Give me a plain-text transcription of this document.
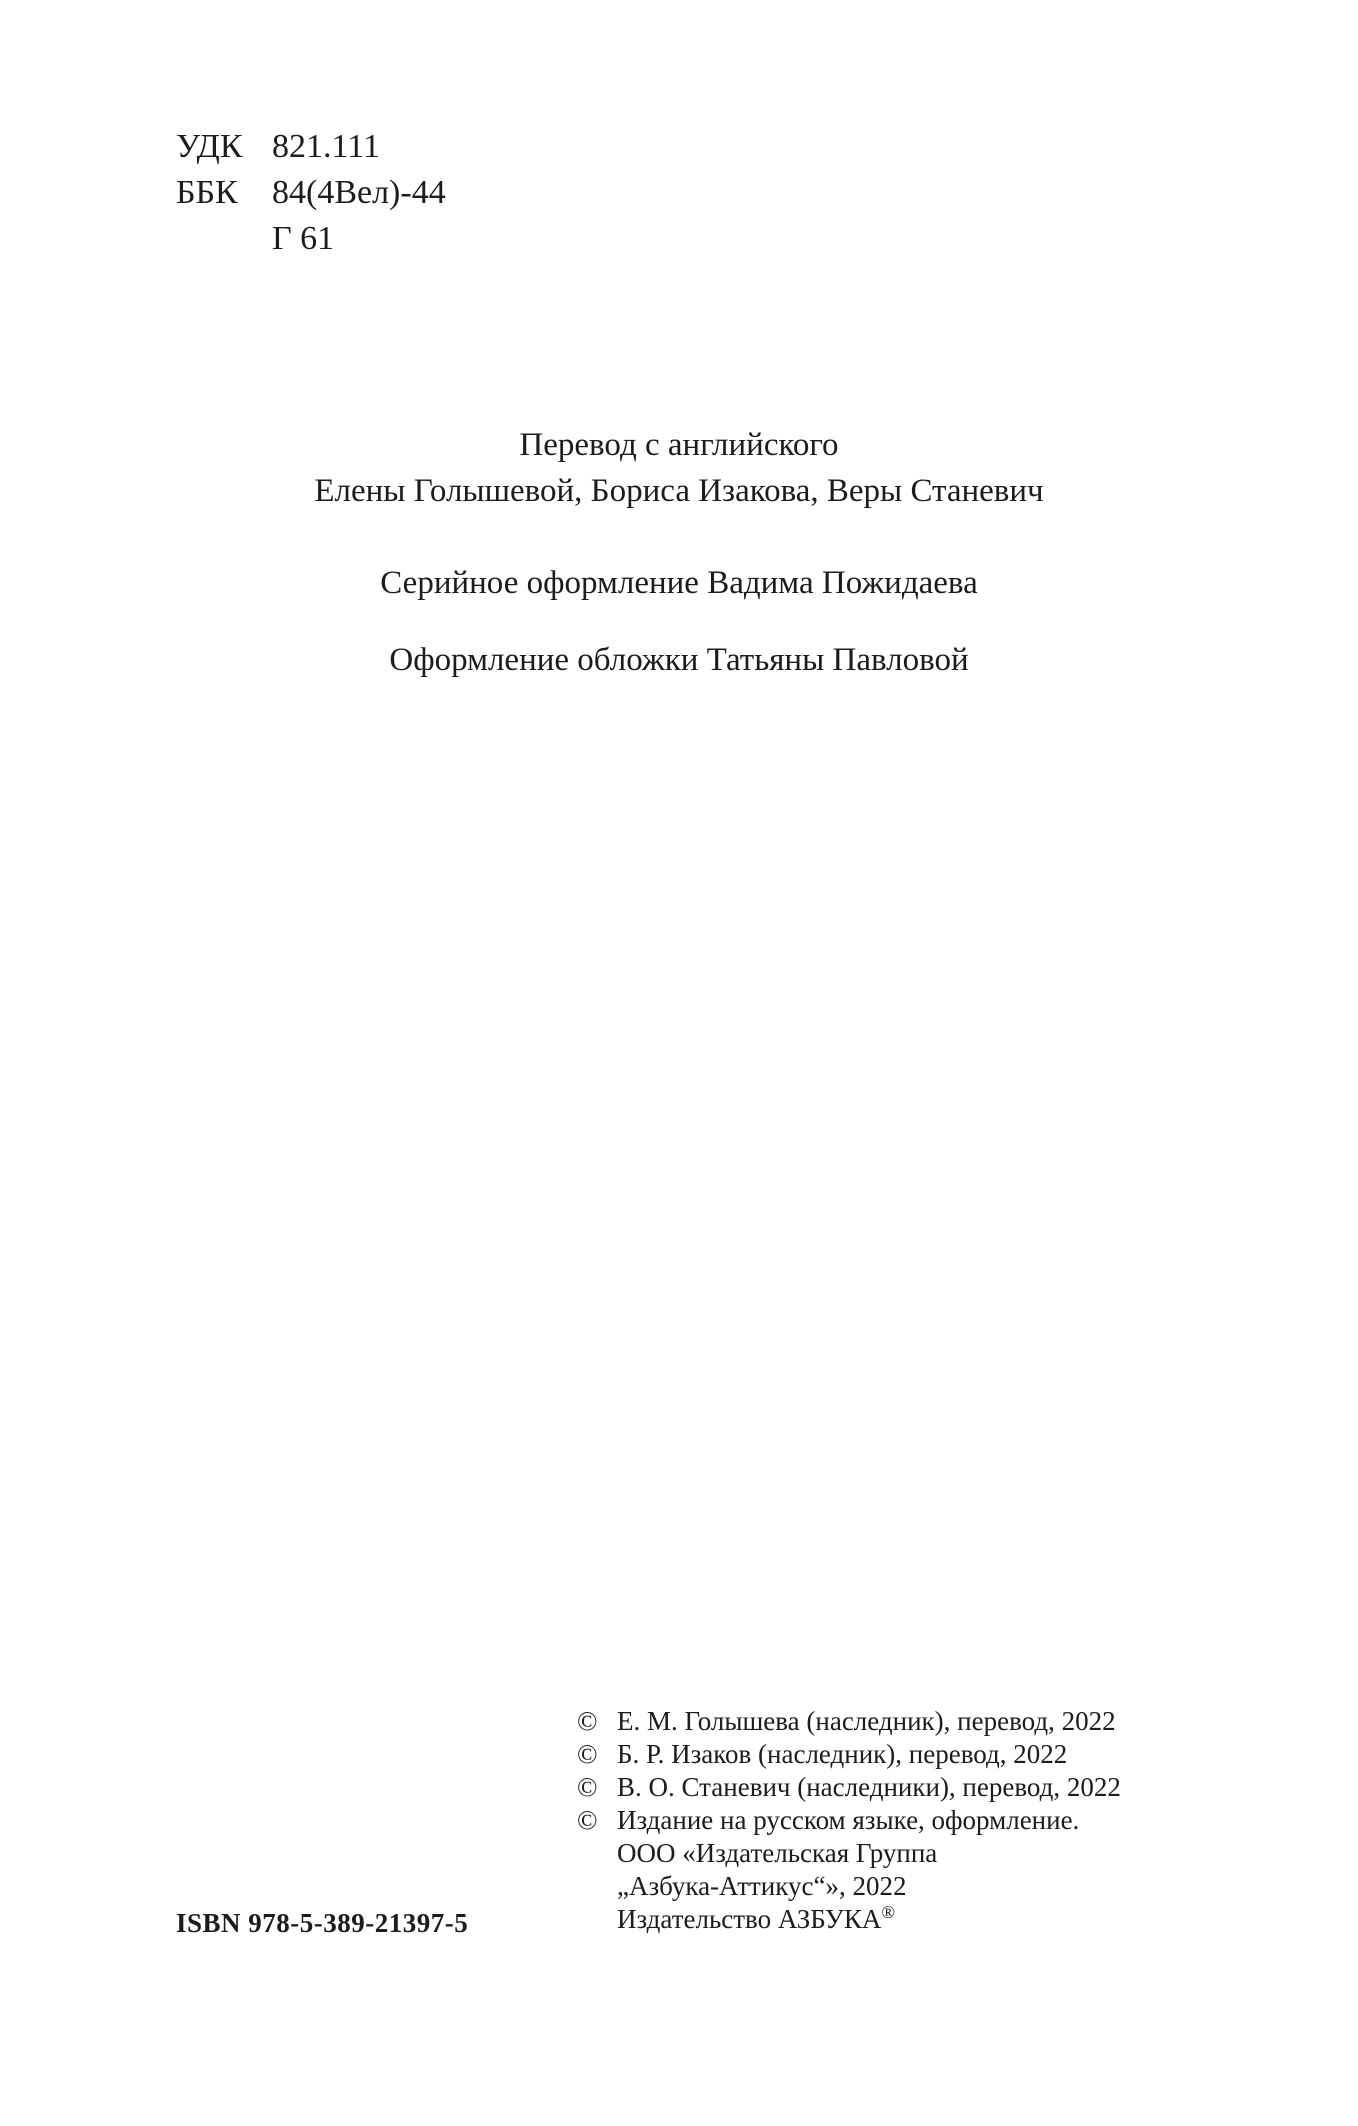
УДК 821.111
ББК	84(4Вел)-44
Г 61
Перевод с английского
Елены Голышевой, Бориса Изакова, Веры Станевич
Серийное оформление Вадима Пожидаева
Оформление обложки Татьяны Павловой
ISBN 978-5-389-21397-5
© Е. М. Голышева (наследник), перевод, 2022
© Б. Р. Изаков (наследник), перевод, 2022
© В. О. Станевич (наследники), перевод, 2022
© Издание на русском языке, оформление.
ООО «Издательская Группа
„Азбука-Аттикус“», 2022
Издательство АЗБУКА®
